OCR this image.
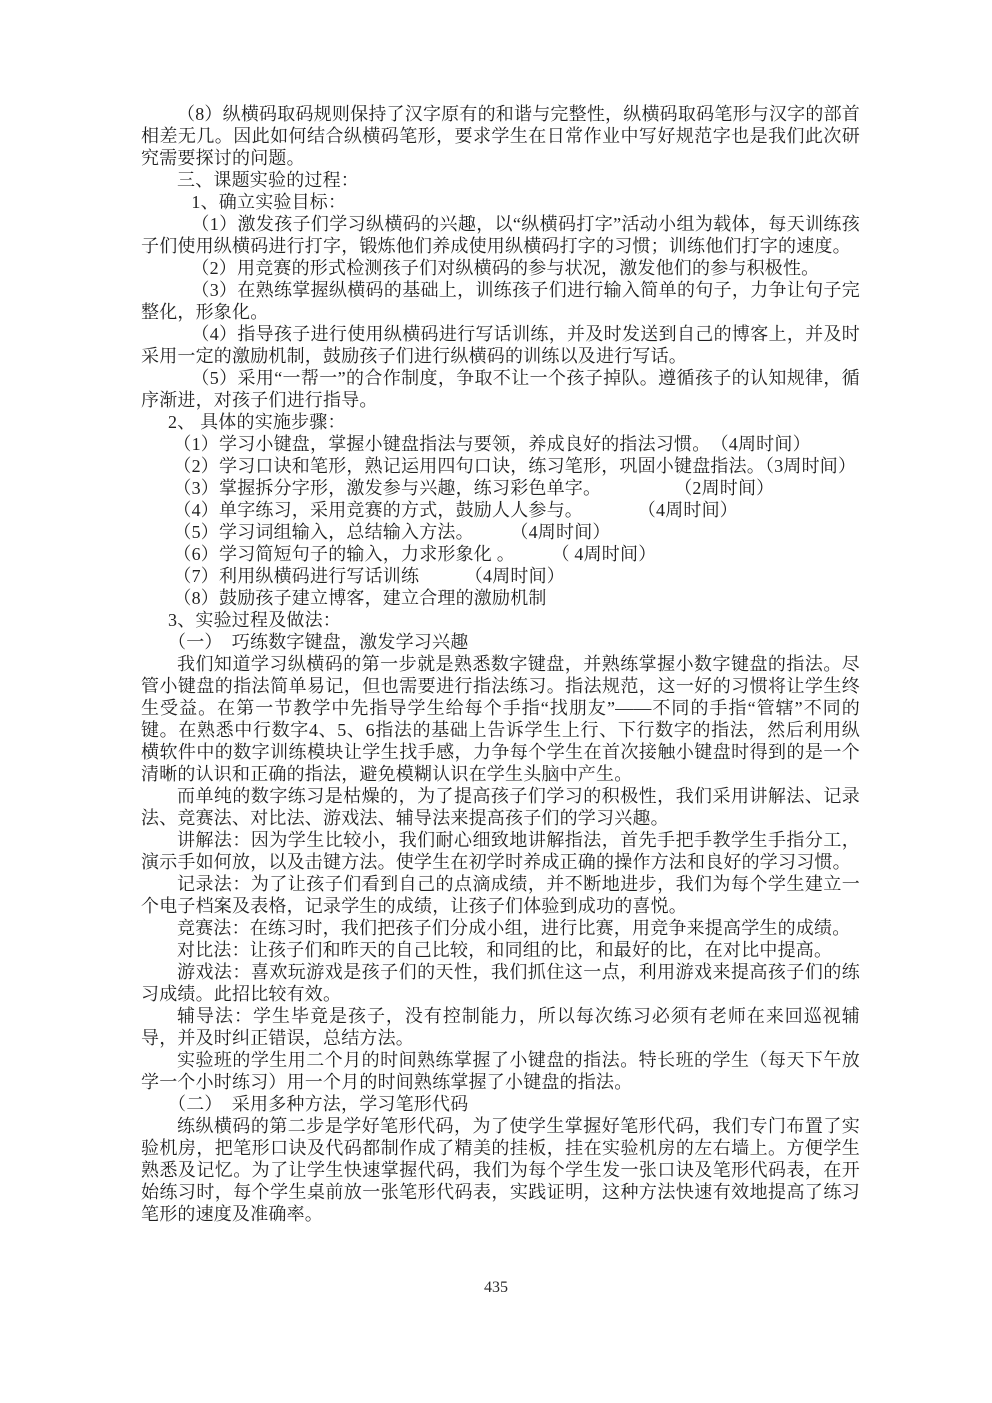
（8）纵横码取码规则保持了汉字原有的和谐与完整性，纵横码取码笔形与汉字的部首相差无几。因此如何结合纵横码笔形，要求学生在日常作业中写好规范字也是我们此次研究需要探讨的问题。

三、课题实验的过程：

1、确立实验目标：

（1）激发孩子们学习纵横码的兴趣，以“纵横码打字”活动小组为载体，每天训练孩子们使用纵横码进行打字，锻炼他们养成使用纵横码打字的习惯；训练他们打字的速度。

（2）用竞赛的形式检测孩子们对纵横码的参与状况，激发他们的参与积极性。

（3）在熟练掌握纵横码的基础上，训练孩子们进行输入简单的句子，力争让句子完整化，形象化。

（4）指导孩子进行使用纵横码进行写话训练，并及时发送到自己的博客上，并及时采用一定的激励机制，鼓励孩子们进行纵横码的训练以及进行写话。

（5）采用“一帮一”的合作制度，争取不让一个孩子掉队。遵循孩子的认知规律，循序渐进，对孩子们进行指导。

2、 具体的实施步骤：

（1）学习小键盘，掌握小键盘指法与要领，养成良好的指法习惯。　（4周时间）

（2）学习口诀和笔形，熟记运用四句口诀，练习笔形，巩固小键盘指法。（3周时间）

（3）掌握拆分字形，激发参与兴趣，练习彩色单字。　　　　　（2周时间）

（4）单字练习，采用竞赛的方式，鼓励人人参与。　　　　（4周时间）

（5）学习词组输入，总结输入方法。　　　（4周时间）

（6）学习简短句子的输入，力求形象化 。　　　（ 4周时间）

（7）利用纵横码进行写话训练　　　（4周时间）

（8）鼓励孩子建立博客，建立合理的激励机制

3、实验过程及做法：

（一）　巧练数字键盘，激发学习兴趣

我们知道学习纵横码的第一步就是熟悉数字键盘，并熟练掌握小数字键盘的指法。尽管小键盘的指法简单易记，但也需要进行指法练习。指法规范，这一好的习惯将让学生终生受益。在第一节教学中先指导学生给每个手指“找朋友”——不同的手指“管辖”不同的键。在熟悉中行数字4、5、6指法的基础上告诉学生上行、下行数字的指法，然后利用纵横软件中的数字训练模块让学生找手感，力争每个学生在首次接触小键盘时得到的是一个清晰的认识和正确的指法，避免模糊认识在学生头脑中产生。

而单纯的数字练习是枯燥的，为了提高孩子们学习的积极性，我们采用讲解法、记录法、竞赛法、对比法、游戏法、辅导法来提高孩子们的学习兴趣。

讲解法：因为学生比较小，我们耐心细致地讲解指法，首先手把手教学生手指分工，演示手如何放，以及击键方法。使学生在初学时养成正确的操作方法和良好的学习习惯。

记录法：为了让孩子们看到自己的点滴成绩，并不断地进步，我们为每个学生建立一个电子档案及表格，记录学生的成绩，让孩子们体验到成功的喜悦。

竞赛法：在练习时，我们把孩子们分成小组，进行比赛，用竞争来提高学生的成绩。

对比法：让孩子们和昨天的自己比较，和同组的比，和最好的比，在对比中提高。

游戏法：喜欢玩游戏是孩子们的天性，我们抓住这一点，利用游戏来提高孩子们的练习成绩。此招比较有效。

辅导法：学生毕竟是孩子，没有控制能力，所以每次练习必须有老师在来回巡视辅导，并及时纠正错误，总结方法。

实验班的学生用二个月的时间熟练掌握了小键盘的指法。特长班的学生（每天下午放学一个小时练习）用一个月的时间熟练掌握了小键盘的指法。

（二）　采用多种方法，学习笔形代码

练纵横码的第二步是学好笔形代码，为了使学生掌握好笔形代码，我们专门布置了实验机房，把笔形口诀及代码都制作成了精美的挂板，挂在实验机房的左右墙上。方便学生熟悉及记忆。为了让学生快速掌握代码，我们为每个学生发一张口诀及笔形代码表，在开始练习时，每个学生桌前放一张笔形代码表，实践证明，这种方法快速有效地提高了练习笔形的速度及准确率。

435
